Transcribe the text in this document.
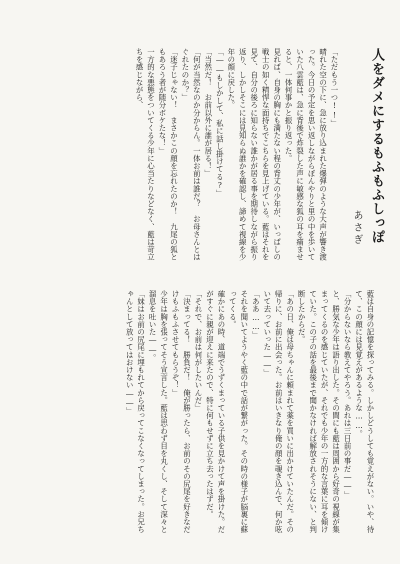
人をダメにするもふもふしっぽ
あさぎ
「ただもう一つ!!」
晴れた空の下に、急に放り込まれた爆弾のような大声が響き渡った。今日の予定を思い返しながらぼんやりと里の中を歩いていた八雲藍は、急に背後で炸裂した声に敏感な狐の耳を痛ませると、一体何事かと振り返った。
見れば、自身の胸にも満たない程の背丈の少年が、いっぱしの戦士の如く精悍な面持ちでこちらを見上げている。藍はそれを見て、自分の後ろに知らない誰かが居る事を期待しながら振り返り、しかしそこには見知らぬ誰かを確認し、諦めて視線を少年の顔に戻した。
「――もしかして、私に話し掛けてる?」
「当然だ！　お前以外に誰が居る！」
「何が当然なのか分からん。一体お前は誰だ？　お母さんとはぐれたのか？」
「迷子じゃない！　まさかこの顔を忘れたのか！　九尾の狐ともあろう者が随分ボケたな！」
一方的な悪態をついてくる少年に心当たりなどなく、藍は苛立ちを感じながら、
藍は自身の記憶を探ってみる。しかしどうしても覚えがない。いや、待て、この顔には見覚えがあるような……。
「分からないなら教えてやろう。あれは三日前の事だ――」
と、勝気な少年は語り出した。その間にも藍は周囲から好奇の視線が集まってくるのを感じていたが、それでも少年の一方的な言葉に耳を傾けていた。この子の話を最後まで聞かなければ解放されそうにない、と判断したからだ。
「あの日、俺は母ちゃんに頼まれて薬を買いに出かけていたんだ。その帰りに、お前に出会った。お前はいきなり俺の顔を覗き込んで、何か呟いて去っていった――」
「ああ……」
それを聞いてようやく藍の中で話が繋がった。その時の様子が脳裏に蘇ってくる。
確かにあの時、道端でうずくまっている子供を見かけて声を掛けた。だがすぐに親が迎えに来たので、特に何もせずに立ち去ったはずだ。
「それで、お前は何がしたいんだ」
「決まってる！　勝負だ！　俺が勝ったら、お前のその尻尾を好きなだけもふもふさせてもらうぞ！」
少年は胸を張ってそう宣言した。藍は思わず目を丸くし、そして深々と溜息を吐いた――。
「妹はお前の尻尾に埋もれてから戻ってこなくなってしまった。お兄ちゃんとして放ってはおけない――」
